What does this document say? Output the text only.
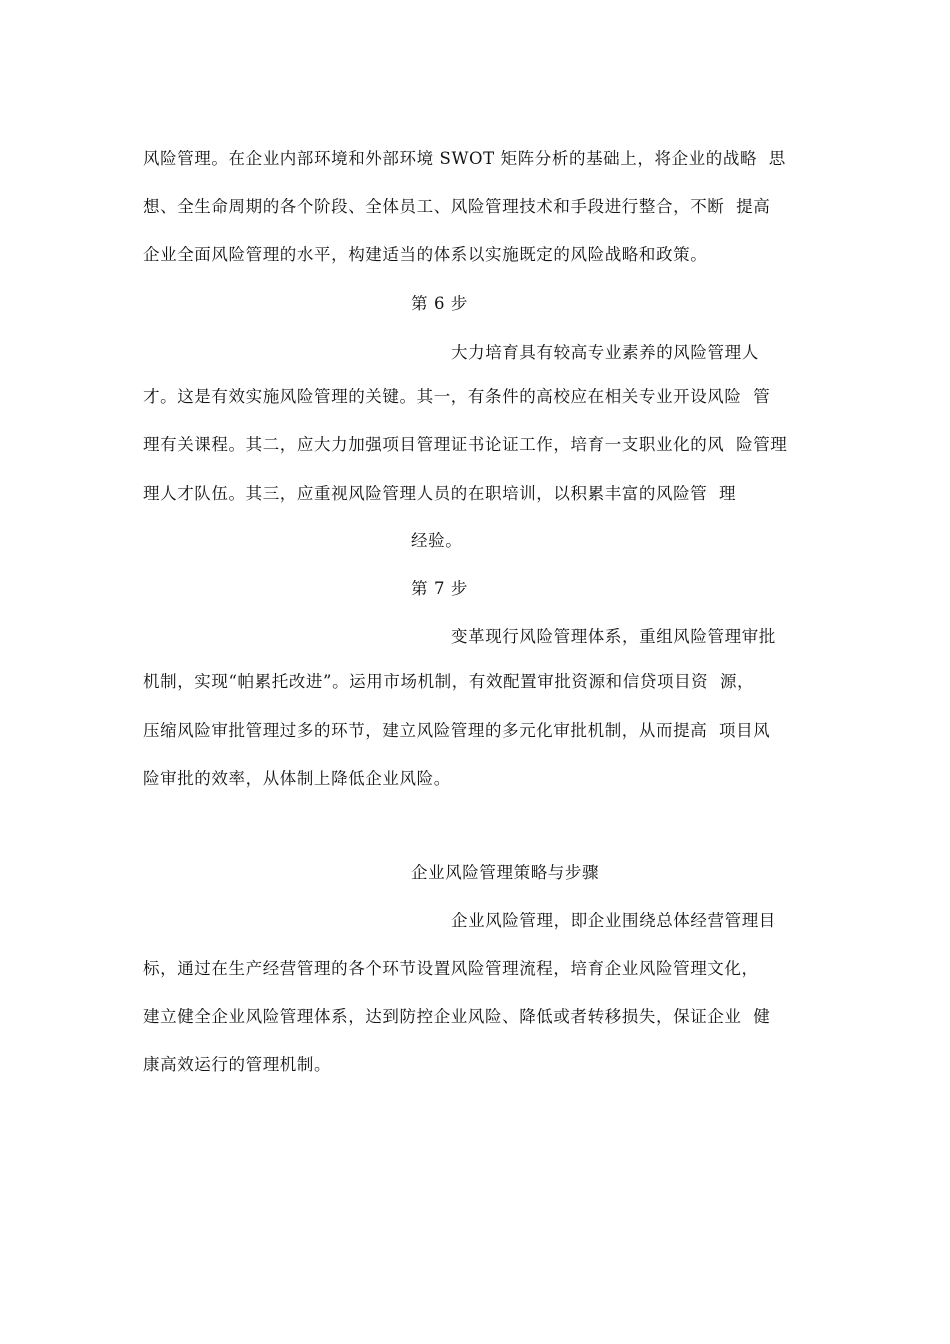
风险管理。在企业内部环境和外部环境 SWOT 矩阵分析的基础上，将企业的战略  思
想、全生命周期的各个阶段、全体员工、风险管理技术和手段进行整合，不断  提高
企业全面风险管理的水平，构建适当的体系以实施既定的风险战略和政策。
第 6 步
大力培育具有较高专业素养的风险管理人
才。这是有效实施风险管理的关键。其一，有条件的高校应在相关专业开设风险  管
理有关课程。其二，应大力加强项目管理证书论证工作，培育一支职业化的风  险管理
理人才队伍。其三，应重视风险管理人员的在职培训，以积累丰富的风险管  理
经验。
第 7 步
变革现行风险管理体系，重组风险管理审批
机制，实现“帕累托改进”。运用市场机制，有效配置审批资源和信贷项目资  源，
压缩风险审批管理过多的环节，建立风险管理的多元化审批机制，从而提高  项目风
险审批的效率，从体制上降低企业风险。
企业风险管理策略与步骤
企业风险管理，即企业围绕总体经营管理目
标，通过在生产经营管理的各个环节设置风险管理流程，培育企业风险管理文化，
建立健全企业风险管理体系，达到防控企业风险、降低或者转移损失，保证企业  健
康高效运行的管理机制。
